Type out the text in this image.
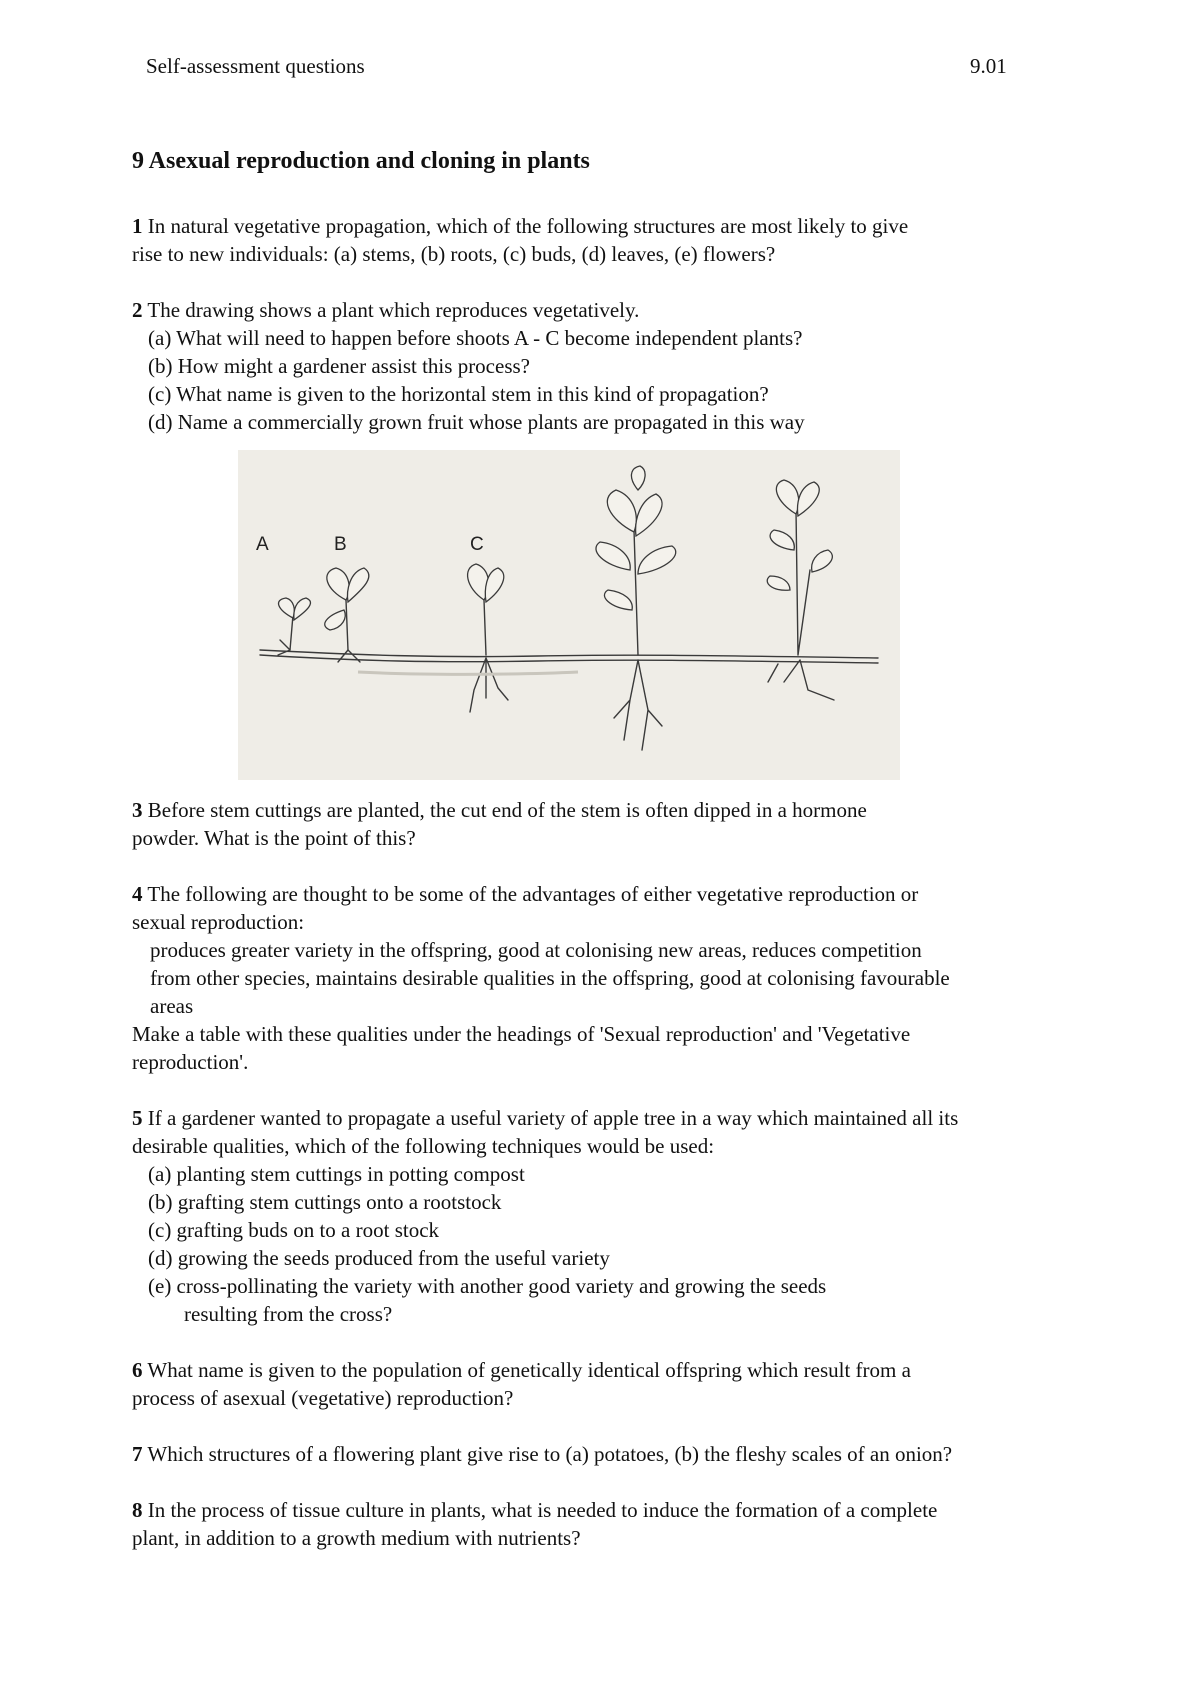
Self-assessment questions	9.01
9 Asexual reproduction and cloning in plants
1 In natural vegetative propagation, which of the following structures are most likely to give
rise to new individuals: (a) stems, (b) roots, (c) buds, (d) leaves, (e) flowers?
2 The drawing shows a plant which reproduces vegetatively.
(a) What will need to happen before shoots A - C become independent plants?
(b) How might a gardener assist this process?
(c) What name is given to the horizontal stem in this kind of propagation?
(d) Name a commercially grown fruit whose plants are propagated in this way
A	B	C
3 Before stem cuttings are planted, the cut end of the stem is often dipped in a hormone
powder. What is the point of this?
4 The following are thought to be some of the advantages of either vegetative reproduction or
sexual reproduction:
produces greater variety in the offspring, good at colonising new areas, reduces competition
from other species, maintains desirable qualities in the offspring, good at colonising favourable
areas
Make a table with these qualities under the headings of 'Sexual reproduction' and 'Vegetative
reproduction'.
5 If a gardener wanted to propagate a useful variety of apple tree in a way which maintained all its
desirable qualities, which of the following techniques would be used:
(a) planting stem cuttings in potting compost
(b) grafting stem cuttings onto a rootstock
(c) grafting buds on to a root stock
(d) growing the seeds produced from the useful variety
(e) cross-pollinating the variety with another good variety and growing the seeds
resulting from the cross?
6 What name is given to the population of genetically identical offspring which result from a
process of asexual (vegetative) reproduction?
7 Which structures of a flowering plant give rise to (a) potatoes, (b) the fleshy scales of an onion?
8 In the process of tissue culture in plants, what is needed to induce the formation of a complete
plant, in addition to a growth medium with nutrients?
